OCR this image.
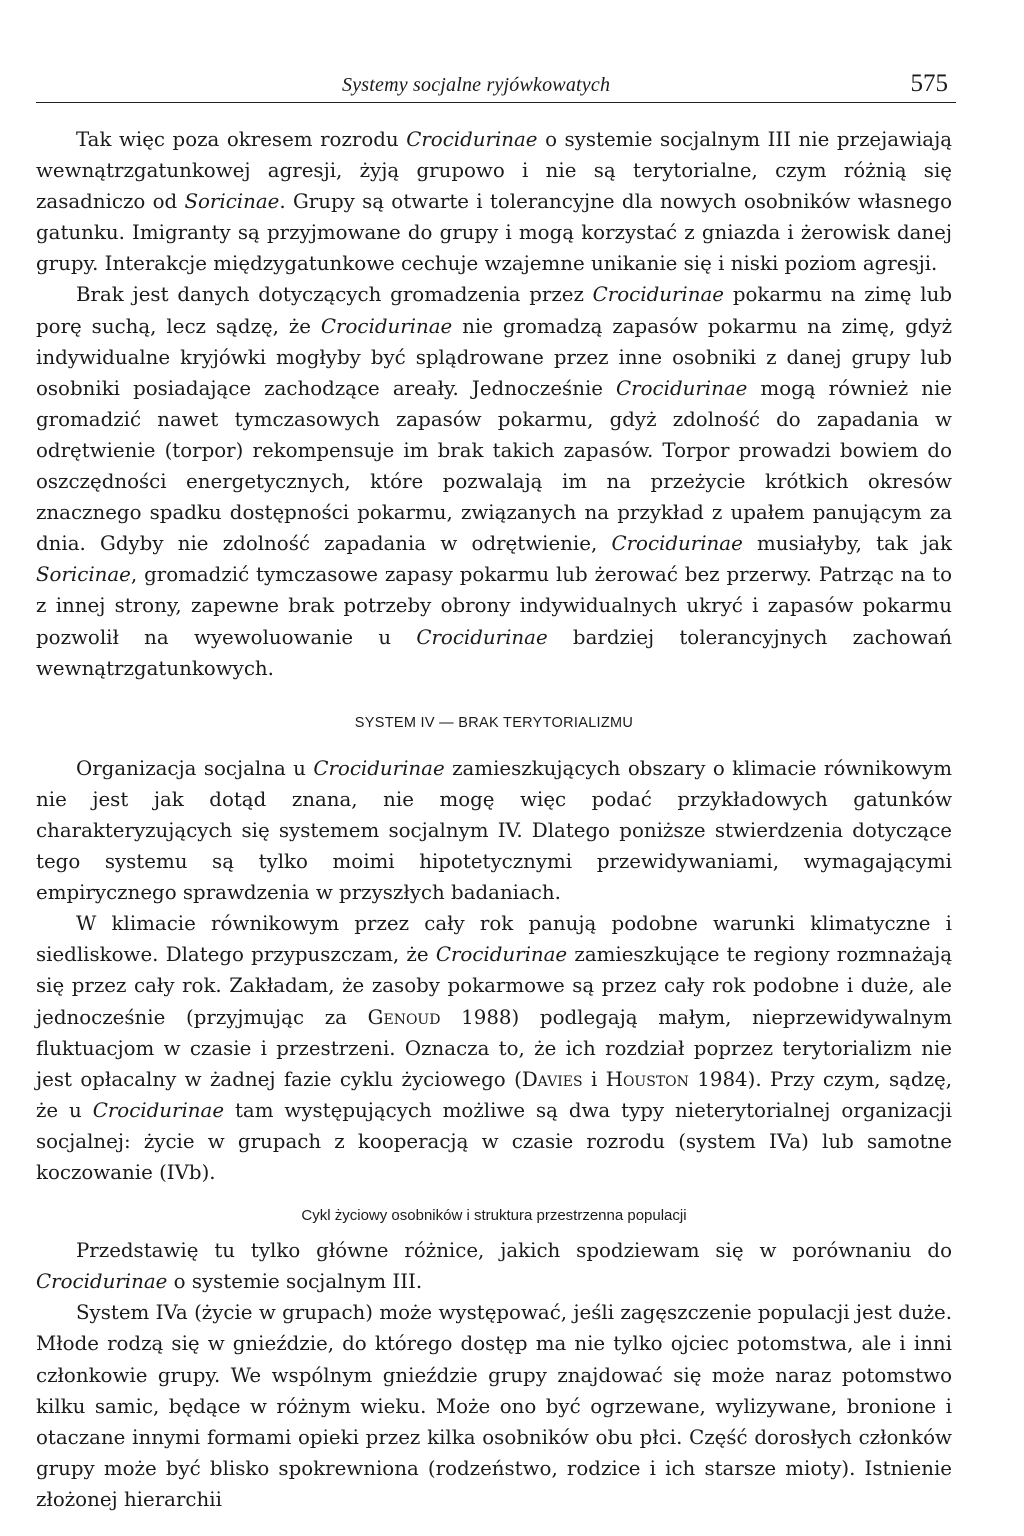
Systemy socjalne ryjówkowatych	575

Tak więc poza okresem rozrodu Crocidurinae o systemie socjalnym III nie przejawiają wewnątrzgatunkowej agresji, żyją grupowo i nie są terytorialne, czym różnią się zasadniczo od Soricinae. Grupy są otwarte i tolerancyjne dla nowych osobników własnego gatunku. Imigranty są przyjmowane do grupy i mogą korzystać z gniazda i żerowisk danej grupy. Interakcje międzygatunkowe cechuje wzajemne unikanie się i niski poziom agresji.

Brak jest danych dotyczących gromadzenia przez Crocidurinae pokarmu na zimę lub porę suchą, lecz sądzę, że Crocidurinae nie gromadzą zapasów pokarmu na zimę, gdyż indywidualne kryjówki mogłyby być splądrowane przez inne osobniki z danej grupy lub osobniki posiadające zachodzące areały. Jednocześnie Crocidurinae mogą również nie gromadzić nawet tymczasowych zapasów pokarmu, gdyż zdolność do zapadania w odrętwienie (torpor) rekompensuje im brak takich zapasów. Torpor prowadzi bowiem do oszczędności energetycznych, które pozwalają im na przeżycie krótkich okresów znacznego spadku dostępności pokarmu, związanych na przykład z upałem panującym za dnia. Gdyby nie zdolność zapadania w odrętwienie, Crocidurinae musiałyby, tak jak Soricinae, gromadzić tymczasowe zapasy pokarmu lub żerować bez przerwy. Patrząc na to z innej strony, zapewne brak potrzeby obrony indywidualnych ukryć i zapasów pokarmu pozwolił na wyewoluowanie u Crocidurinae bardziej tolerancyjnych zachowań wewnątrzgatunkowych.

SYSTEM IV — BRAK TERYTORIALIZMU

Organizacja socjalna u Crocidurinae zamieszkujących obszary o klimacie równikowym nie jest jak dotąd znana, nie mogę więc podać przykładowych gatunków charakteryzujących się systemem socjalnym IV. Dlatego poniższe stwierdzenia dotyczące tego systemu są tylko moimi hipotetycznymi przewidywaniami, wymagającymi empirycznego sprawdzenia w przyszłych badaniach.

W klimacie równikowym przez cały rok panują podobne warunki klimatyczne i siedliskowe. Dlatego przypuszczam, że Crocidurinae zamieszkujące te regiony rozmnażają się przez cały rok. Zakładam, że zasoby pokarmowe są przez cały rok podobne i duże, ale jednocześnie (przyjmując za Genoud 1988) podlegają małym, nieprzewidywalnym fluktuacjom w czasie i przestrzeni. Oznacza to, że ich rozdział poprzez terytorializm nie jest opłacalny w żadnej fazie cyklu życiowego (Davies i Houston 1984). Przy czym, sądzę, że u Crocidurinae tam występujących możliwe są dwa typy nieterytorialnej organizacji socjalnej: życie w grupach z kooperacją w czasie rozrodu (system IVa) lub samotne koczowanie (IVb).

Cykl życiowy osobników i struktura przestrzenna populacji

Przedstawię tu tylko główne różnice, jakich spodziewam się w porównaniu do Crocidurinae o systemie socjalnym III.

System IVa (życie w grupach) może występować, jeśli zagęszczenie populacji jest duże. Młode rodzą się w gnieździe, do którego dostęp ma nie tylko ojciec potomstwa, ale i inni członkowie grupy. We wspólnym gnieździe grupy znajdować się może naraz potomstwo kilku samic, będące w różnym wieku. Może ono być ogrzewane, wylizywane, bronione i otaczane innymi formami opieki przez kilka osobników obu płci. Część dorosłych członków grupy może być blisko spokrewniona (rodzeństwo, rodzice i ich starsze mioty). Istnienie złożonej hierarchii
